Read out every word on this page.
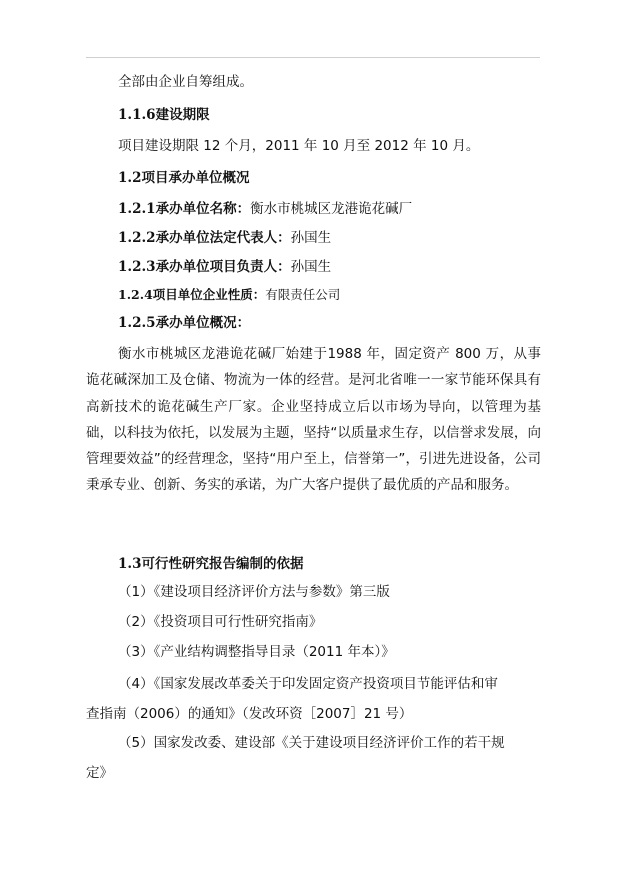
全部由企业自筹组成。
1.1.6建设期限
项目建设期限 12 个月，2011 年 10 月至 2012 年 10 月。
1.2项目承办单位概况
1.2.1承办单位名称：衡水市桃城区龙港诡花碱厂
1.2.2承办单位法定代表人：孙国生
1.2.3承办单位项目负责人：孙国生
1.2.4项目单位企业性质：有限责任公司
1.2.5承办单位概况：
衡水市桃城区龙港诡花碱厂始建于1988 年，固定资产 800 万，从事诡花碱深加工及仓储、物流为一体的经营。是河北省唯一一家节能环保具有高新技术的诡花碱生产厂家。企业坚持成立后以市场为导向，以管理为基础，以科技为依托，以发展为主题，坚持“以质量求生存，以信誉求发展，向管理要效益”的经营理念，坚持“用户至上，信誉第一”，引进先进设备，公司秉承专业、创新、务实的承诺，为广大客户提供了最优质的产品和服务。
1.3可行性研究报告编制的依据
（1）《建设项目经济评价方法与参数》第三版
（2）《投资项目可行性研究指南》
（3）《产业结构调整指导目录（2011 年本）》
（4）《国家发展改革委关于印发固定资产投资项目节能评估和审
查指南（2006）的通知》（发改环资［2007］21 号）
（5）国家发改委、建设部《关于建设项目经济评价工作的若干规
定》
